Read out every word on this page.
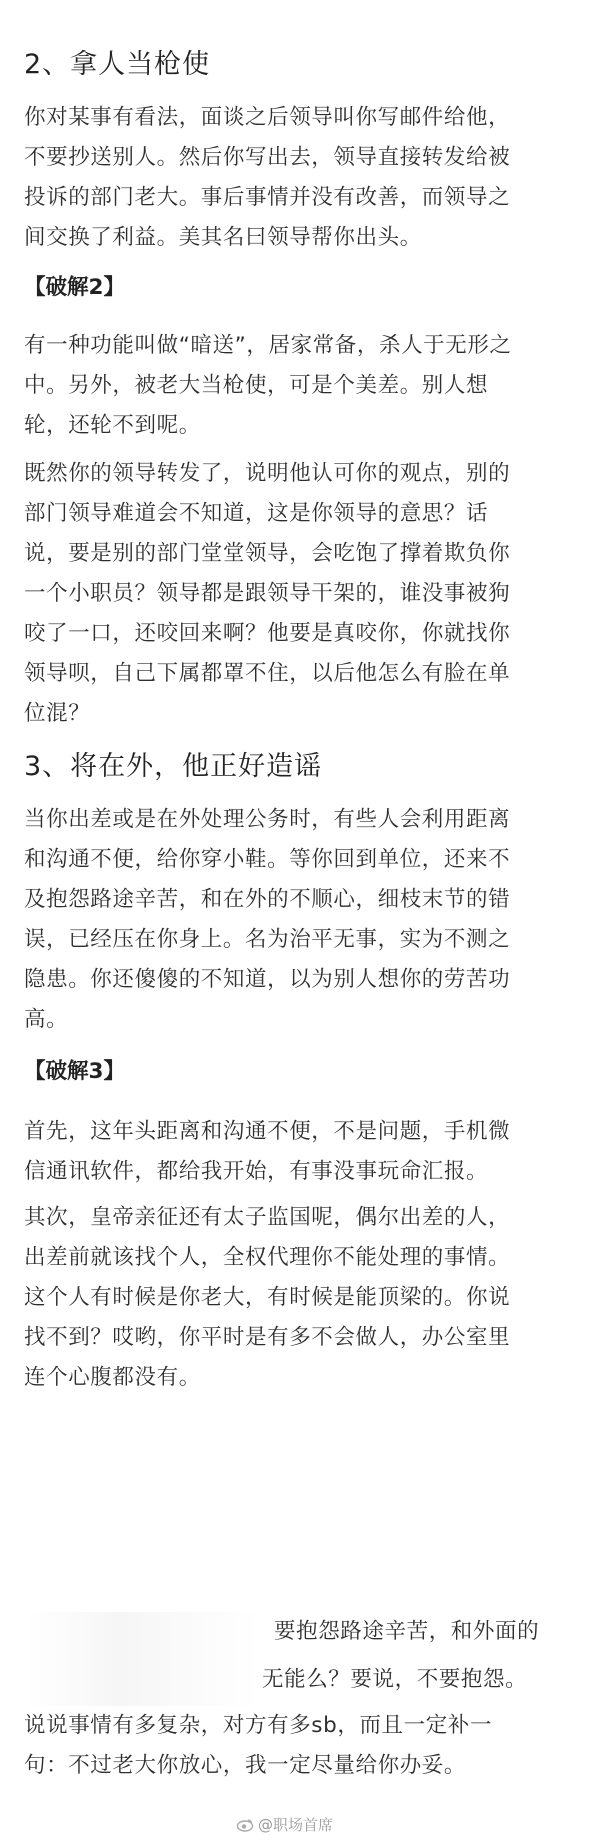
2、拿人当枪使
你对某事有看法，面谈之后领导叫你写邮件给他，
不要抄送别人。然后你写出去，领导直接转发给被
投诉的部门老大。事后事情并没有改善，而领导之
间交换了利益。美其名曰领导帮你出头。
【破解2】
有一种功能叫做“暗送”，居家常备，杀人于无形之
中。另外，被老大当枪使，可是个美差。别人想
轮，还轮不到呢。
既然你的领导转发了，说明他认可你的观点，别的
部门领导难道会不知道，这是你领导的意思？话
说，要是别的部门堂堂领导，会吃饱了撑着欺负你
一个小职员？领导都是跟领导干架的，谁没事被狗
咬了一口，还咬回来啊？他要是真咬你，你就找你
领导呗，自己下属都罩不住，以后他怎么有脸在单
位混？
3、将在外，他正好造谣
当你出差或是在外处理公务时，有些人会利用距离
和沟通不便，给你穿小鞋。等你回到单位，还来不
及抱怨路途辛苦，和在外的不顺心，细枝末节的错
误，已经压在你身上。名为治平无事，实为不测之
隐患。你还傻傻的不知道，以为别人想你的劳苦功
高。
【破解3】
首先，这年头距离和沟通不便，不是问题，手机微
信通讯软件，都给我开始，有事没事玩命汇报。
其次，皇帝亲征还有太子监国呢，偶尔出差的人，
出差前就该找个人，全权代理你不能处理的事情。
这个人有时候是你老大，有时候是能顶梁的。你说
找不到？哎哟，你平时是有多不会做人，办公室里
连个心腹都没有。
要抱怨路途辛苦，和外面的
无能么？要说，不要抱怨。
说说事情有多复杂，对方有多sb，而且一定补一
句：不过老大你放心，我一定尽量给你办妥。
@职场首席
